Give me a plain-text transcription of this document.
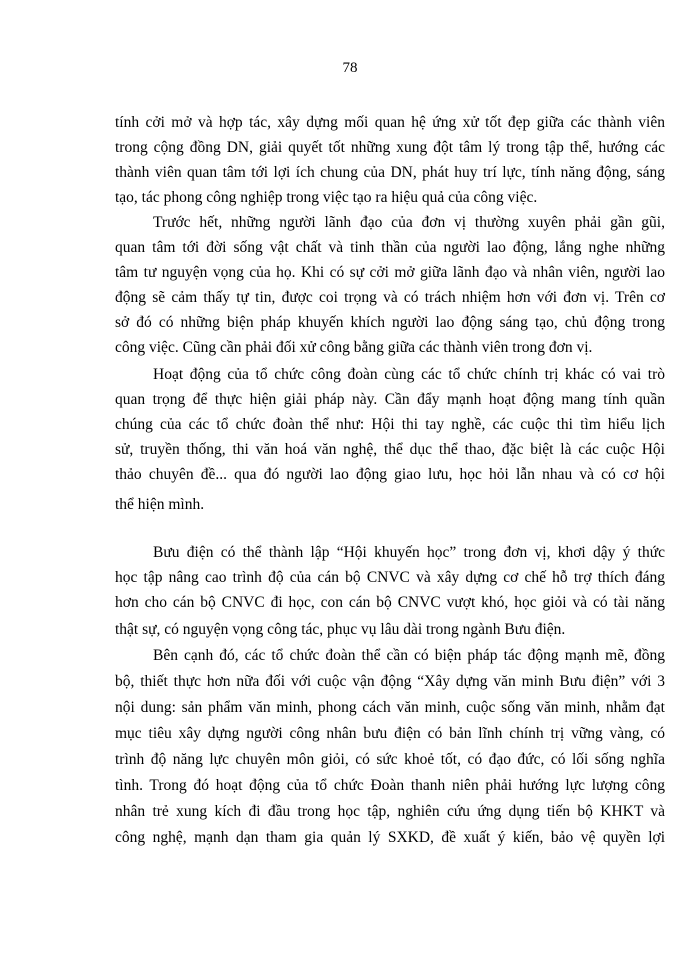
78
tính cởi mở và hợp tác, xây dựng mối quan hệ ứng xử tốt đẹp giữa các thành viên
trong cộng đồng DN, giải quyết tốt những xung đột tâm lý trong tập thể, hướng các
thành viên quan tâm tới lợi ích chung của DN, phát huy trí lực, tính năng động, sáng
tạo, tác phong công nghiệp trong việc tạo ra hiệu quả của công việc.
Trước hết, những người lãnh đạo của đơn vị thường xuyên phải gần gũi,
quan tâm tới đời sống vật chất và tinh thần của người lao động, lắng nghe những
tâm tư nguyện vọng của họ. Khi có sự cởi mở giữa lãnh đạo và nhân viên, người lao
động sẽ cảm thấy tự tin, được coi trọng và có trách nhiệm hơn với đơn vị. Trên cơ
sở đó có những biện pháp khuyến khích người lao động sáng tạo, chủ động trong
công việc. Cũng cần phải đối xử công bằng giữa các thành viên trong đơn vị.
Hoạt động của tổ chức công đoàn cùng các tổ chức chính trị khác có vai trò
quan trọng để thực hiện giải pháp này. Cần đẩy mạnh hoạt động mang tính quần
chúng của các tổ chức đoàn thể như: Hội thi tay nghề, các cuộc thi tìm hiểu lịch
sử, truyền thống, thi văn hoá văn nghệ, thể dục thể thao, đặc biệt là các cuộc Hội
thảo chuyên đề... qua đó người lao động giao lưu, học hỏi lẫn nhau và có cơ hội
thể hiện mình.
Bưu điện có thể thành lập “Hội khuyến học” trong đơn vị, khơi dậy ý thức
học tập nâng cao trình độ của cán bộ CNVC và xây dựng cơ chế hỗ trợ thích đáng
hơn cho cán bộ CNVC đi học, con cán bộ CNVC vượt khó, học giỏi và có tài năng
thật sự, có nguyện vọng công tác, phục vụ lâu dài trong ngành Bưu điện.
Bên cạnh đó, các tổ chức đoàn thể cần có biện pháp tác động mạnh mẽ, đồng
bộ, thiết thực hơn nữa đối với cuộc vận động “Xây dựng văn minh Bưu điện” với 3
nội dung: sản phẩm văn minh, phong cách văn minh, cuộc sống văn minh, nhằm đạt
mục tiêu xây dựng người công nhân bưu điện có bản lĩnh chính trị vững vàng, có
trình độ năng lực chuyên môn giỏi, có sức khoẻ tốt, có đạo đức, có lối sống nghĩa
tình. Trong đó hoạt động của tổ chức Đoàn thanh niên phải hướng lực lượng công
nhân trẻ xung kích đi đầu trong học tập, nghiên cứu ứng dụng tiến bộ KHKT và
công nghệ, mạnh dạn tham gia quản lý SXKD, đề xuất ý kiến, bảo vệ quyền lợi
